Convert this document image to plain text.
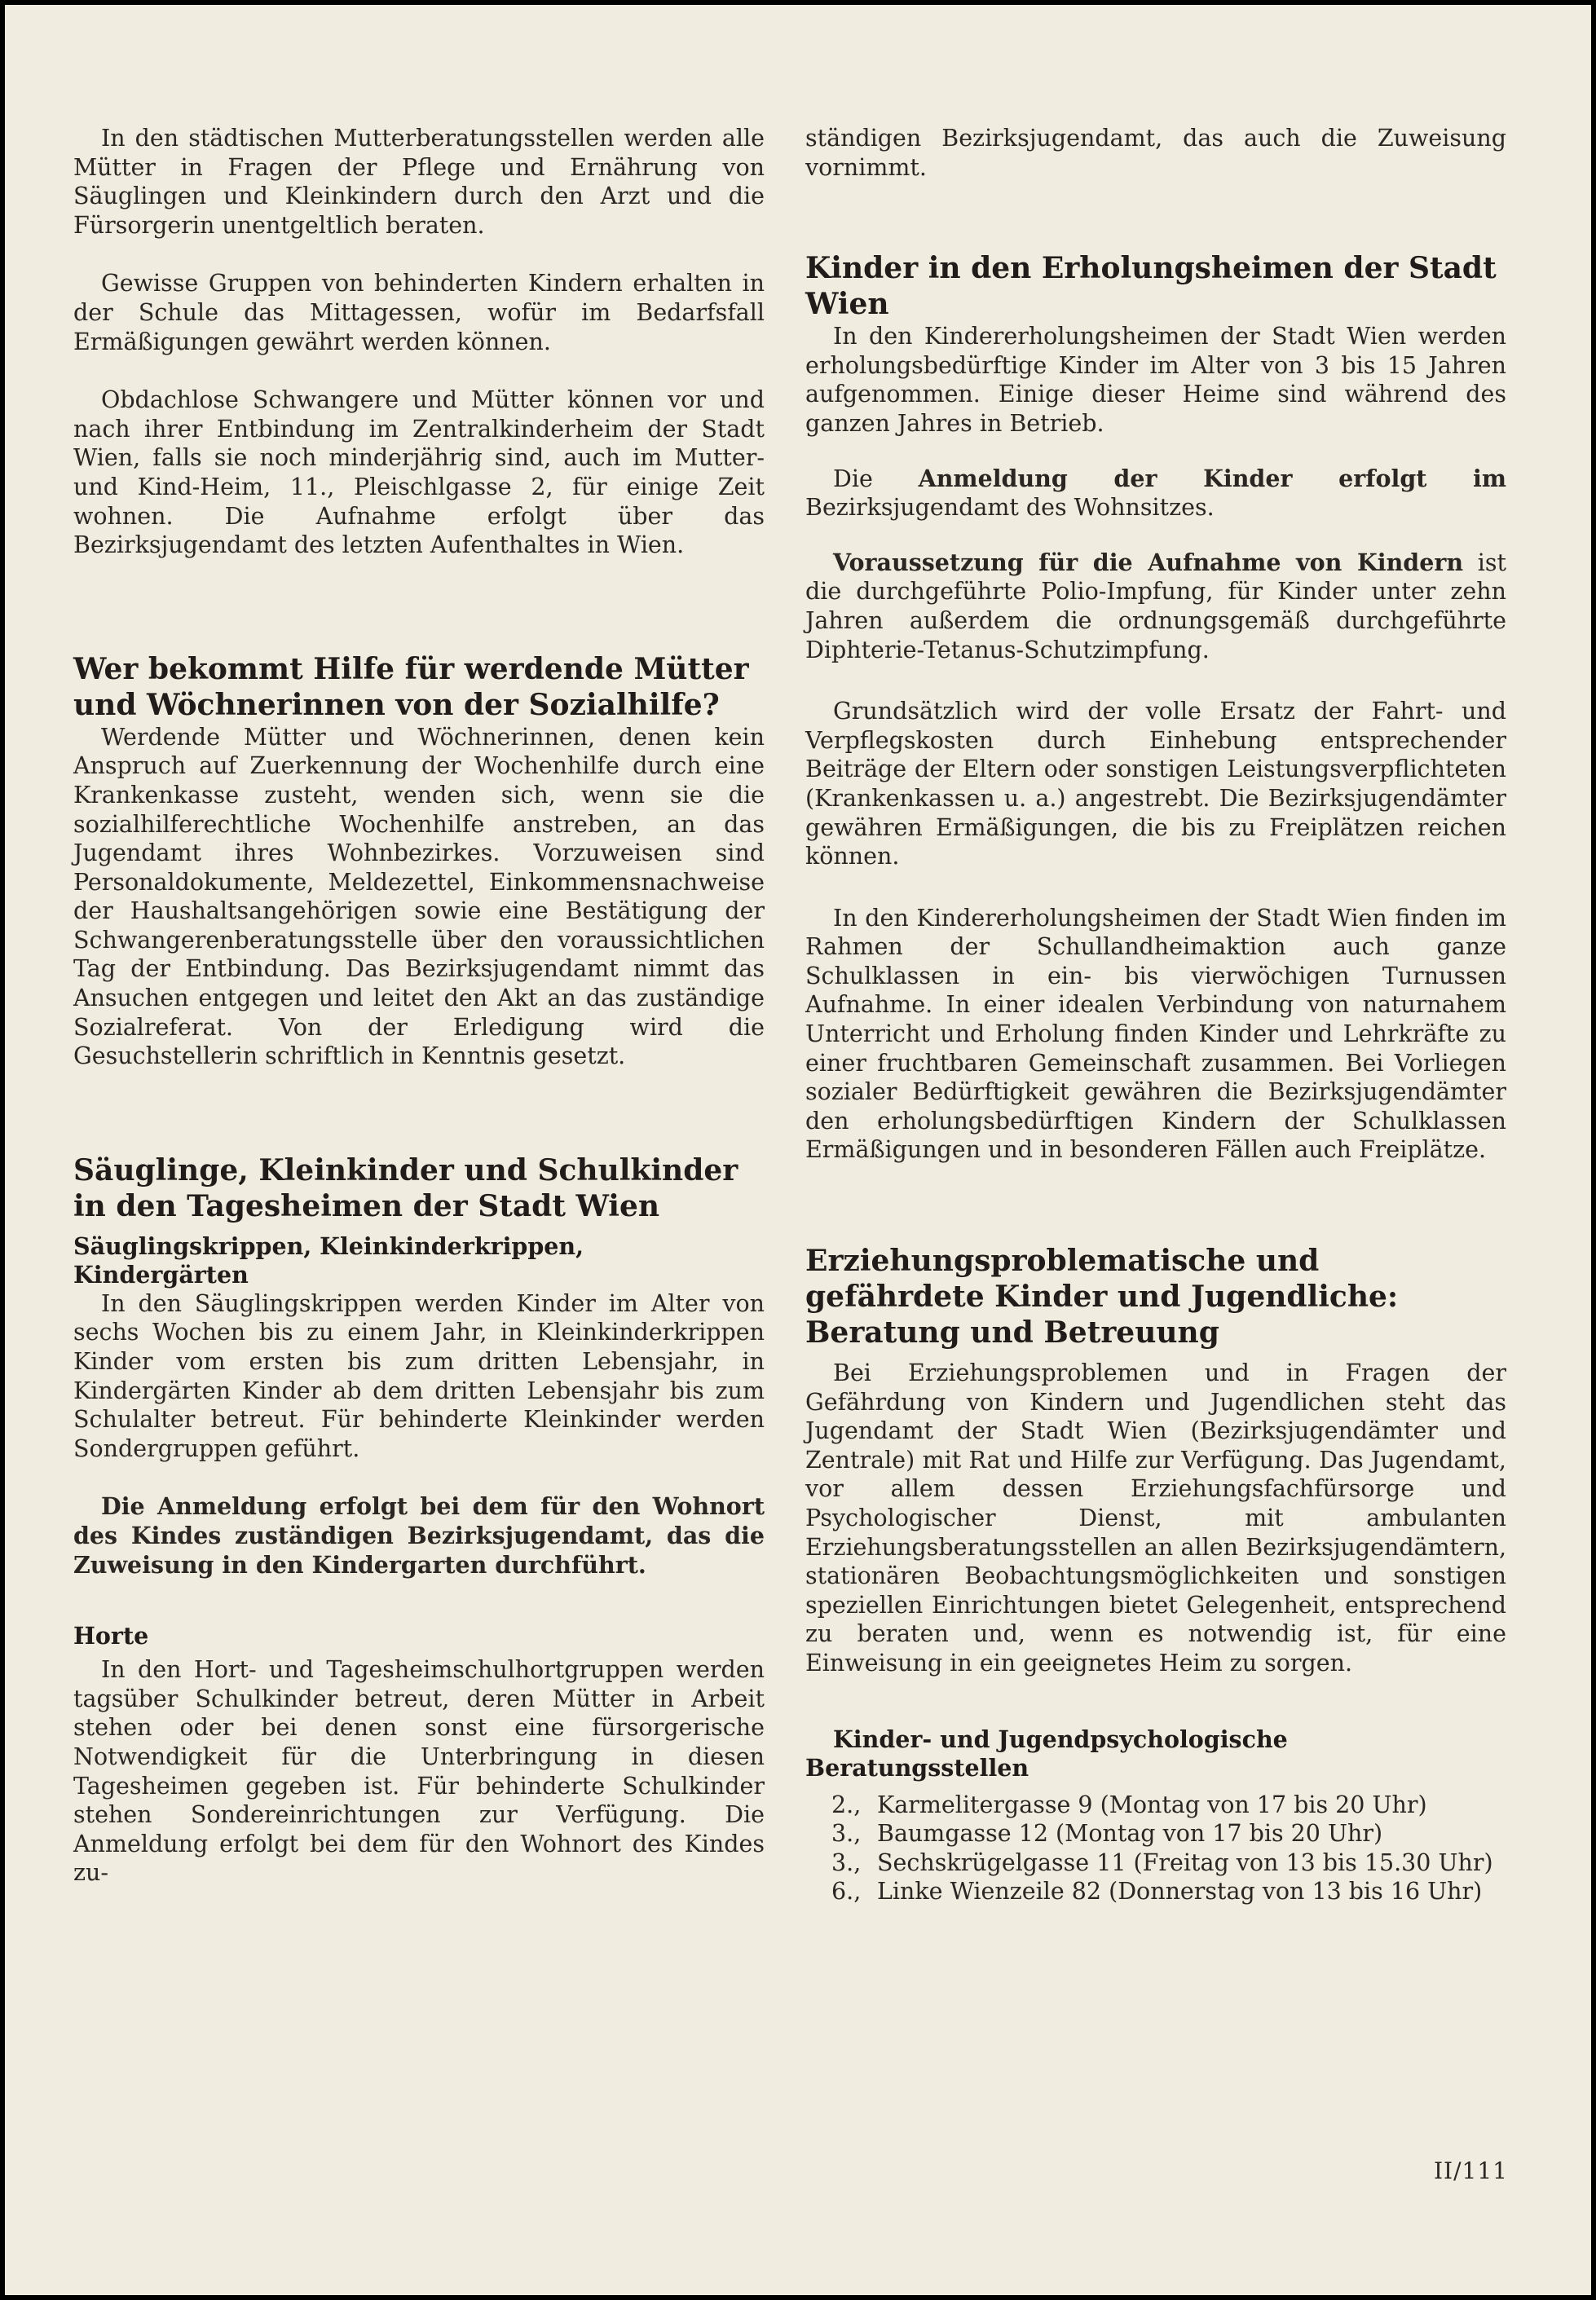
In den städtischen Mutterberatungsstellen werden alle Mütter in Fragen der Pflege und Ernährung von Säuglingen und Kleinkindern durch den Arzt und die Fürsorgerin unentgeltlich beraten.

Gewisse Gruppen von behinderten Kindern erhalten in der Schule das Mittagessen, wofür im Bedarfsfall Ermäßigungen gewährt werden können.

Obdachlose Schwangere und Mütter können vor und nach ihrer Entbindung im Zentralkinderheim der Stadt Wien, falls sie noch minderjährig sind, auch im Mutter- und Kind-Heim, 11., Pleischlgasse 2, für einige Zeit wohnen. Die Aufnahme erfolgt über das Bezirksjugendamt des letzten Aufenthaltes in Wien.

Wer bekommt Hilfe für werdende Mütter und Wöchnerinnen von der Sozialhilfe?

Werdende Mütter und Wöchnerinnen, denen kein Anspruch auf Zuerkennung der Wochenhilfe durch eine Krankenkasse zusteht, wenden sich, wenn sie die sozialhilferechtliche Wochenhilfe anstreben, an das Jugendamt ihres Wohnbezirkes. Vorzuweisen sind Personaldokumente, Meldezettel, Einkommensnachweise der Haushaltsangehörigen sowie eine Bestätigung der Schwangerenberatungsstelle über den voraussichtlichen Tag der Entbindung. Das Bezirksjugendamt nimmt das Ansuchen entgegen und leitet den Akt an das zuständige Sozialreferat. Von der Erledigung wird die Gesuchstellerin schriftlich in Kenntnis gesetzt.

Säuglinge, Kleinkinder und Schulkinder in den Tagesheimen der Stadt Wien
Säuglingskrippen, Kleinkinderkrippen, Kindergärten

In den Säuglingskrippen werden Kinder im Alter von sechs Wochen bis zu einem Jahr, in Kleinkinderkrippen Kinder vom ersten bis zum dritten Lebensjahr, in Kindergärten Kinder ab dem dritten Lebensjahr bis zum Schulalter betreut. Für behinderte Kleinkinder werden Sondergruppen geführt.

Die Anmeldung erfolgt bei dem für den Wohnort des Kindes zuständigen Bezirksjugendamt, das die Zuweisung in den Kindergarten durchführt.

Horte

In den Hort- und Tagesheimschulhortgruppen werden tagsüber Schulkinder betreut, deren Mütter in Arbeit stehen oder bei denen sonst eine fürsorgerische Notwendigkeit für die Unterbringung in diesen Tagesheimen gegeben ist. Für behinderte Schulkinder stehen Sondereinrichtungen zur Verfügung. Die Anmeldung erfolgt bei dem für den Wohnort des Kindes zu-

ständigen Bezirksjugendamt, das auch die Zuweisung vornimmt.

Kinder in den Erholungsheimen der Stadt Wien

In den Kindererholungsheimen der Stadt Wien werden erholungsbedürftige Kinder im Alter von 3 bis 15 Jahren aufgenommen. Einige dieser Heime sind während des ganzen Jahres in Betrieb.

Die Anmeldung der Kinder erfolgt im Bezirksjugendamt des Wohnsitzes.

Voraussetzung für die Aufnahme von Kindern ist die durchgeführte Polio-Impfung, für Kinder unter zehn Jahren außerdem die ordnungsgemäß durchgeführte Diphterie-Tetanus-Schutzimpfung.

Grundsätzlich wird der volle Ersatz der Fahrt- und Verpflegskosten durch Einhebung entsprechender Beiträge der Eltern oder sonstigen Leistungsverpflichteten (Krankenkassen u. a.) angestrebt. Die Bezirksjugendämter gewähren Ermäßigungen, die bis zu Freiplätzen reichen können.

In den Kindererholungsheimen der Stadt Wien finden im Rahmen der Schullandheimaktion auch ganze Schulklassen in ein- bis vierwöchigen Turnussen Aufnahme. In einer idealen Verbindung von naturnahem Unterricht und Erholung finden Kinder und Lehrkräfte zu einer fruchtbaren Gemeinschaft zusammen. Bei Vorliegen sozialer Bedürftigkeit gewähren die Bezirksjugendämter den erholungsbedürftigen Kindern der Schulklassen Ermäßigungen und in besonderen Fällen auch Freiplätze.

Erziehungsproblematische und gefährdete Kinder und Jugendliche: Beratung und Betreuung

Bei Erziehungsproblemen und in Fragen der Gefährdung von Kindern und Jugendlichen steht das Jugendamt der Stadt Wien (Bezirksjugendämter und Zentrale) mit Rat und Hilfe zur Verfügung. Das Jugendamt, vor allem dessen Erziehungsfachfürsorge und Psychologischer Dienst, mit ambulanten Erziehungsberatungsstellen an allen Bezirksjugendämtern, stationären Beobachtungsmöglichkeiten und sonstigen speziellen Einrichtungen bietet Gelegenheit, entsprechend zu beraten und, wenn es notwendig ist, für eine Einweisung in ein geeignetes Heim zu sorgen.

Kinder- und Jugendpsychologische Beratungsstellen
2., Karmelitergasse 9 (Montag von 17 bis 20 Uhr)
3., Baumgasse 12 (Montag von 17 bis 20 Uhr)
3., Sechskrügelgasse 11 (Freitag von 13 bis 15.30 Uhr)
6., Linke Wienzeile 82 (Donnerstag von 13 bis 16 Uhr)
II/111
